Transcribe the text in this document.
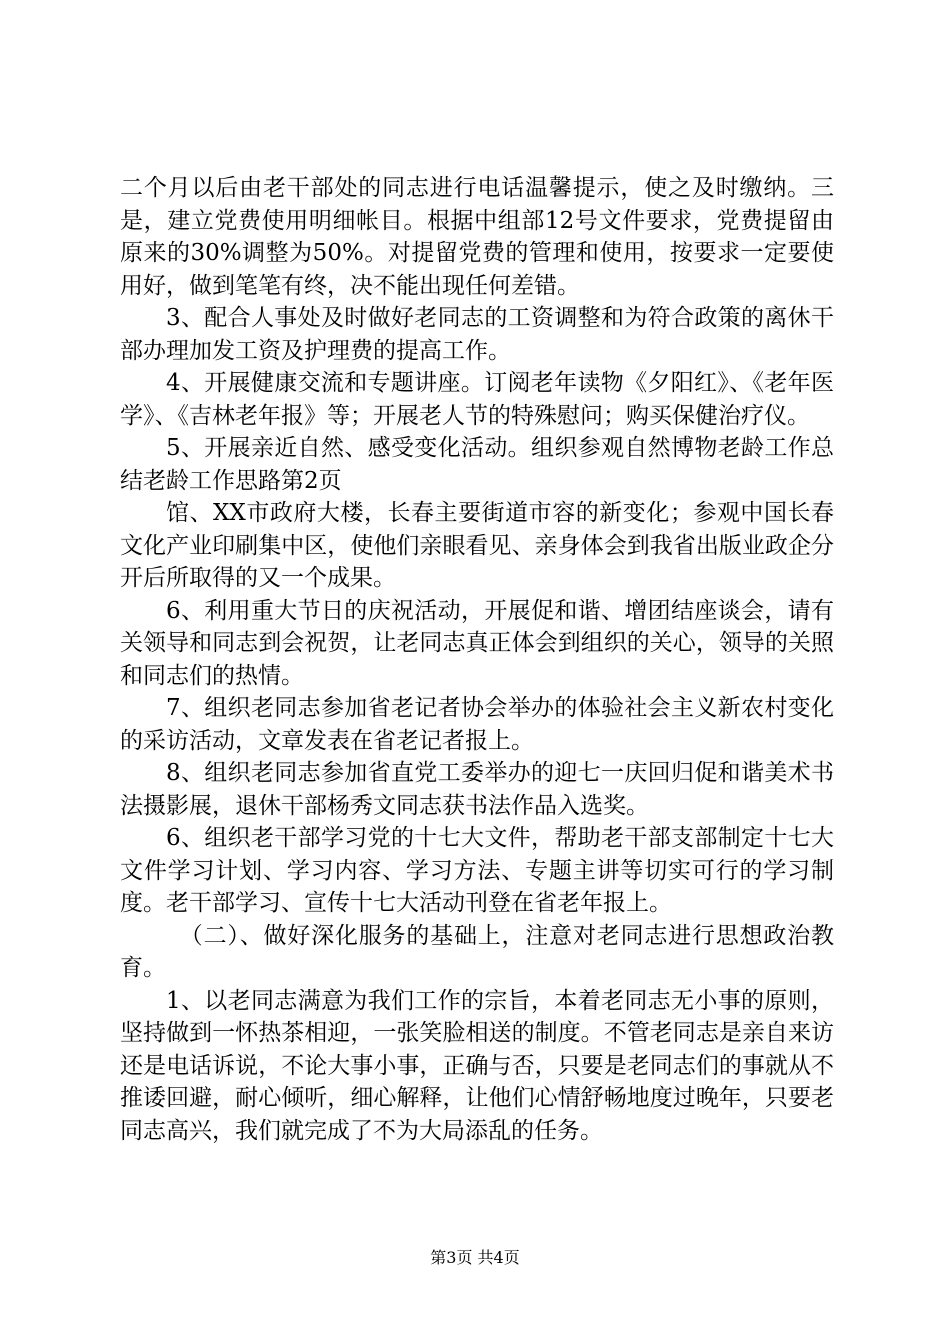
二个月以后由老干部处的同志进行电话温馨提示，使之及时缴纳。三是，建立党费使用明细帐目。根据中组部12号文件要求，党费提留由原来的30%调整为50%。对提留党费的管理和使用，按要求一定要使用好，做到笔笔有终，决不能出现任何差错。

3、配合人事处及时做好老同志的工资调整和为符合政策的离休干部办理加发工资及护理费的提高工作。

4、开展健康交流和专题讲座。订阅老年读物《夕阳红》、《老年医学》、《吉林老年报》等；开展老人节的特殊慰问；购买保健治疗仪。

5、开展亲近自然、感受变化活动。组织参观自然博物老龄工作总结老龄工作思路第2页

馆、XX市政府大楼，长春主要街道市容的新变化；参观中国长春文化产业印刷集中区，使他们亲眼看见、亲身体会到我省出版业政企分开后所取得的又一个成果。

6、利用重大节日的庆祝活动，开展促和谐、增团结座谈会，请有关领导和同志到会祝贺，让老同志真正体会到组织的关心，领导的关照和同志们的热情。

7、组织老同志参加省老记者协会举办的体验社会主义新农村变化的采访活动，文章发表在省老记者报上。

8、组织老同志参加省直党工委举办的迎七一庆回归促和谐美术书法摄影展，退休干部杨秀文同志获书法作品入选奖。

6、组织老干部学习党的十七大文件，帮助老干部支部制定十七大文件学习计划、学习内容、学习方法、专题主讲等切实可行的学习制度。老干部学习、宣传十七大活动刊登在省老年报上。

（二）、做好深化服务的基础上，注意对老同志进行思想政治教育。

1、以老同志满意为我们工作的宗旨，本着老同志无小事的原则，坚持做到一怀热茶相迎，一张笑脸相送的制度。不管老同志是亲自来访还是电话诉说，不论大事小事，正确与否，只要是老同志们的事就从不推诿回避，耐心倾听，细心解释，让他们心情舒畅地度过晚年，只要老同志高兴，我们就完成了不为大局添乱的任务。

第3页 共4页
